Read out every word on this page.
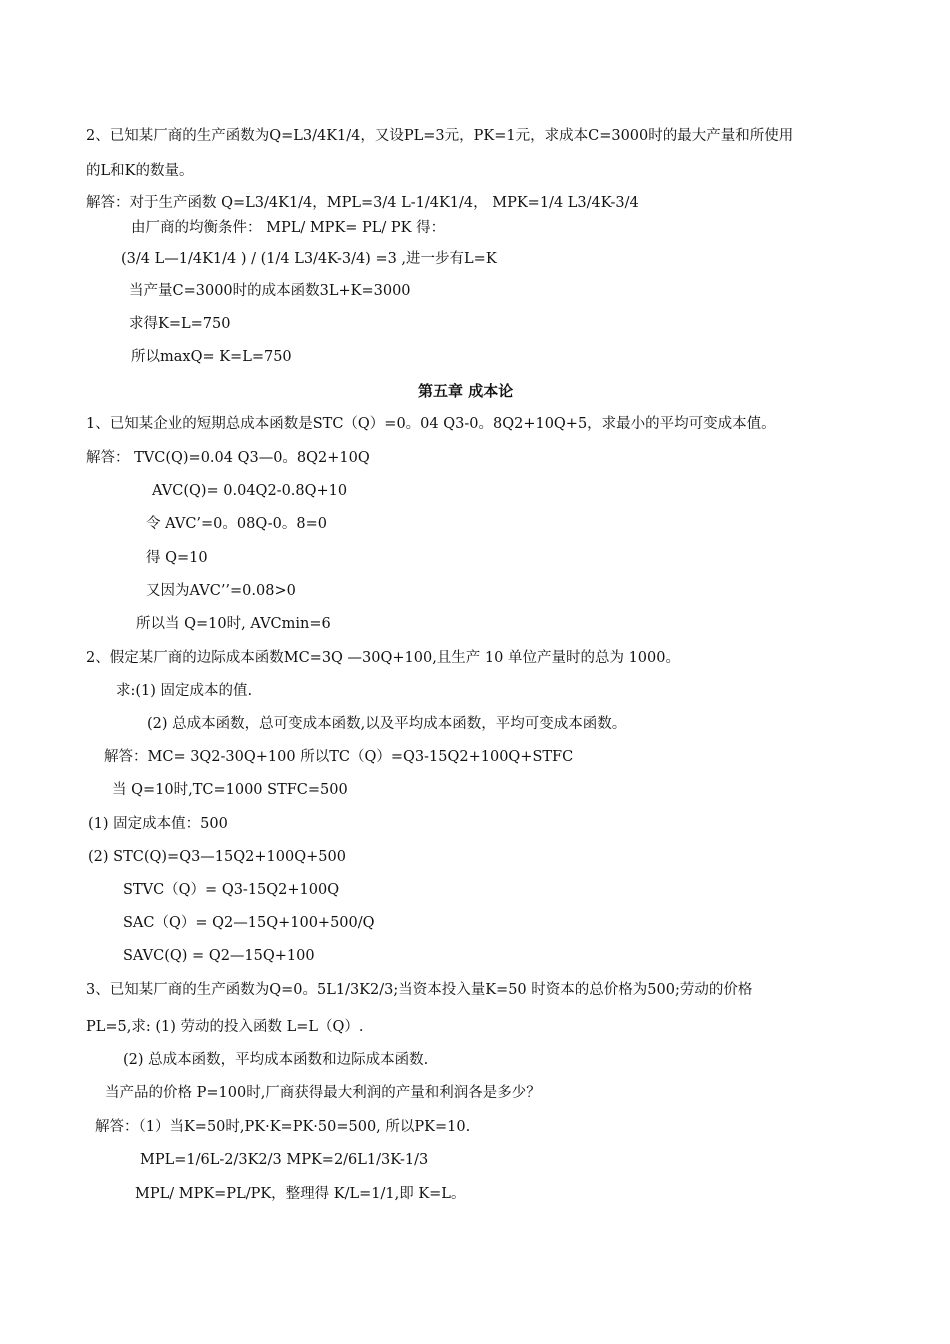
2、已知某厂商的生产函数为Q=L3/4K1/4，又设PL=3元，PK=1元，求成本C=3000时的最大产量和所使用
的L和K的数量。
解答：对于生产函数 Q=L3/4K1/4，MPL=3/4 L-1/4K1/4， MPK=1/4 L3/4K-3/4
由厂商的均衡条件： MPL/ MPK= PL/ PK 得：
(3/4 L—1/4K1/4 ) / (1/4 L3/4K-3/4) =3 ,进一步有L=K
当产量C=3000时的成本函数3L+K=3000
求得K=L=750
所以maxQ= K=L=750
第五章 成本论
1、已知某企业的短期总成本函数是STC（Q）=0。04 Q3-0。8Q2+10Q+5，求最小的平均可变成本值。
解答： TVC(Q)=0.04 Q3—0。8Q2+10Q
AVC(Q)= 0.04Q2-0.8Q+10
令 AVC’=0。08Q-0。8=0
得 Q=10
又因为AVC’’=0.08>0
所以当 Q=10时, AVCmin=6
2、假定某厂商的边际成本函数MC=3Q —30Q+100,且生产 10 单位产量时的总为 1000。
求:(1) 固定成本的值.
(2) 总成本函数，总可变成本函数,以及平均成本函数，平均可变成本函数。
解答：MC= 3Q2-30Q+100 所以TC（Q）=Q3-15Q2+100Q+STFC
当 Q=10时,TC=1000 STFC=500
(1) 固定成本值：500
(2) STC(Q)=Q3—15Q2+100Q+500
STVC（Q）= Q3-15Q2+100Q
SAC（Q）= Q2—15Q+100+500/Q
SAVC(Q) = Q2—15Q+100
3、已知某厂商的生产函数为Q=0。5L1/3K2/3;当资本投入量K=50 时资本的总价格为500;劳动的价格
PL=5,求: (1) 劳动的投入函数 L=L（Q）.
(2) 总成本函数，平均成本函数和边际成本函数.
当产品的价格 P=100时,厂商获得最大利润的产量和利润各是多少？
解答：（1）当K=50时,PK·K=PK·50=500, 所以PK=10.
MPL=1/6L-2/3K2/3 MPK=2/6L1/3K-1/3
MPL/ MPK=PL/PK，整理得 K/L=1/1,即 K=L。
